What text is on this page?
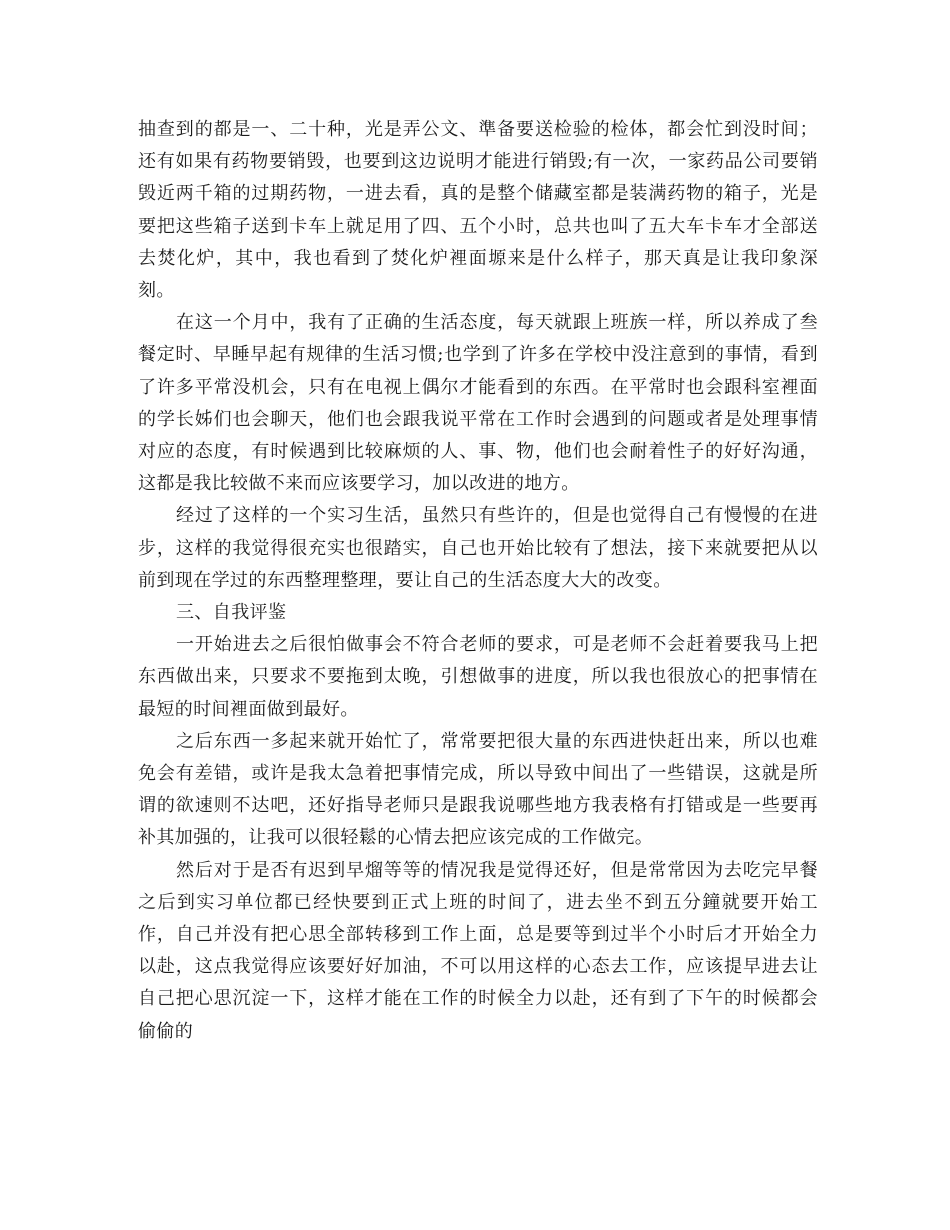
抽查到的都是一、二十种，光是弄公文、準备要送检验的检体，都会忙到没时间；还有如果有药物要销毁，也要到这边说明才能进行销毁;有一次，一家药品公司要销毁近两千箱的过期药物，一进去看，真的是整个储藏室都是装满药物的箱子，光是要把这些箱子送到卡车上就足用了四、五个小时，总共也叫了五大车卡车才全部送去焚化炉，其中，我也看到了焚化炉裡面塬来是什么样子，那天真是让我印象深刻。

在这一个月中，我有了正确的生活态度，每天就跟上班族一样，所以养成了叁餐定时、早睡早起有规律的生活习惯;也学到了许多在学校中没注意到的事情，看到了许多平常没机会，只有在电视上偶尔才能看到的东西。在平常时也会跟科室裡面的学长姊们也会聊天，他们也会跟我说平常在工作时会遇到的问题或者是处理事情对应的态度，有时候遇到比较麻烦的人、事、物，他们也会耐着性子的好好沟通，这都是我比较做不来而应该要学习，加以改进的地方。

经过了这样的一个实习生活，虽然只有些许的，但是也觉得自己有慢慢的在进步，这样的我觉得很充实也很踏实，自己也开始比较有了想法，接下来就要把从以前到现在学过的东西整理整理，要让自己的生活态度大大的改变。

三、自我评鉴

一开始进去之后很怕做事会不符合老师的要求，可是老师不会赶着要我马上把东西做出来，只要求不要拖到太晚，引想做事的进度，所以我也很放心的把事情在最短的时间裡面做到最好。

之后东西一多起来就开始忙了，常常要把很大量的东西进快赶出来，所以也难免会有差错，或许是我太急着把事情完成，所以导致中间出了一些错误，这就是所谓的欲速则不达吧，还好指导老师只是跟我说哪些地方我表格有打错或是一些要再补其加强的，让我可以很轻鬆的心情去把应该完成的工作做完。

然后对于是否有迟到早熘等等的情况我是觉得还好，但是常常因为去吃完早餐之后到实习单位都已经快要到正式上班的时间了，进去坐不到五分鐘就要开始工作，自己并没有把心思全部转移到工作上面，总是要等到过半个小时后才开始全力以赴，这点我觉得应该要好好加油，不可以用这样的心态去工作，应该提早进去让自己把心思沉淀一下，这样才能在工作的时候全力以赴，还有到了下午的时候都会偷偷的
